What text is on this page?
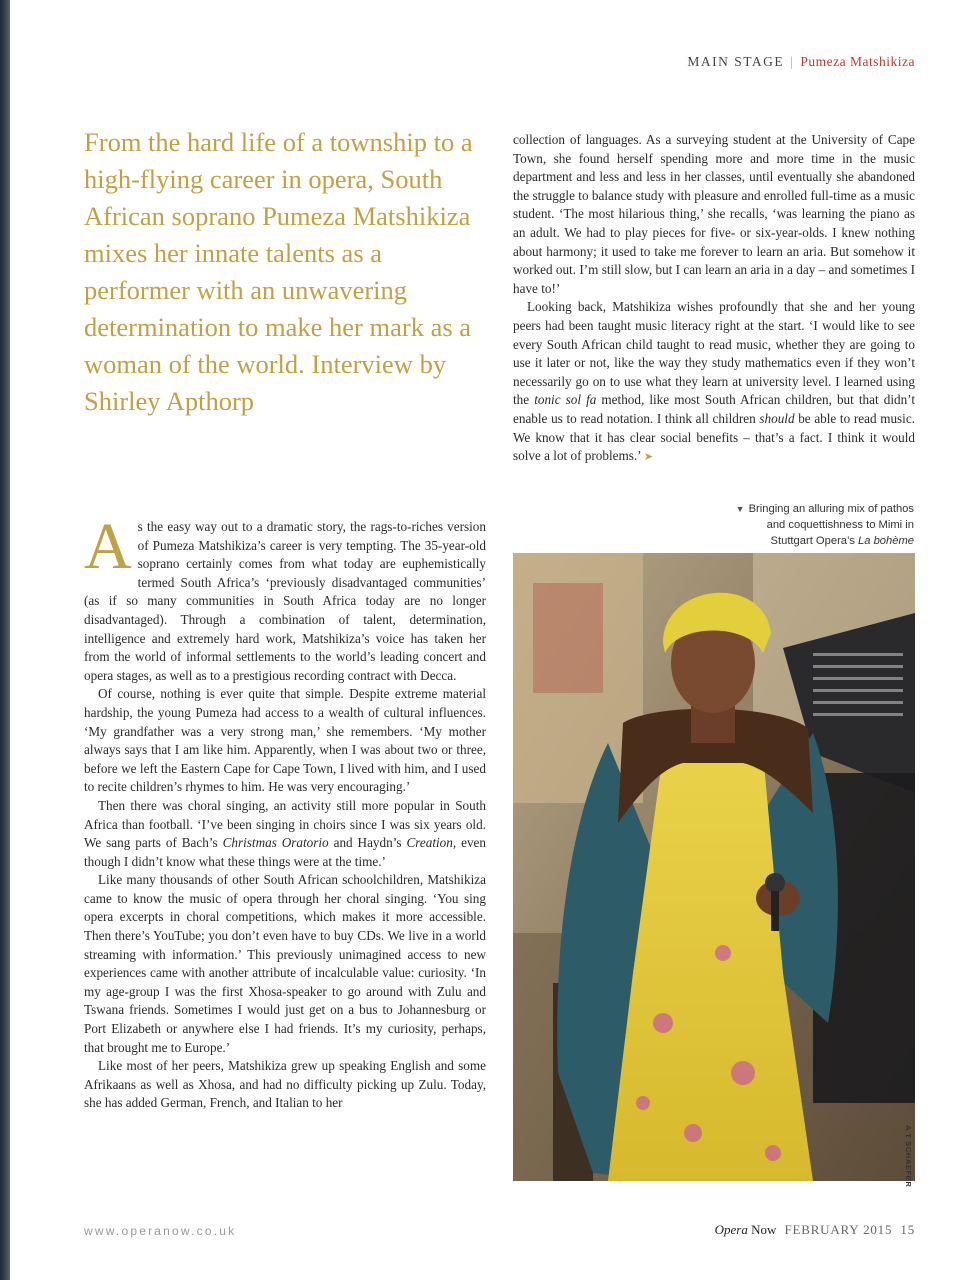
MAIN STAGE | Pumeza Matshikiza
From the hard life of a township to a high-flying career in opera, South African soprano Pumeza Matshikiza mixes her innate talents as a performer with an unwavering determination to make her mark as a woman of the world. Interview by Shirley Apthorp

collection of languages. As a surveying student at the University of Cape Town, she found herself spending more and more time in the music department and less and less in her classes, until eventually she abandoned the struggle to balance study with pleasure and enrolled full-time as a music student. ‘The most hilarious thing,’ she recalls, ‘was learning the piano as an adult. We had to play pieces for five- or six-year-olds. I knew nothing about harmony; it used to take me forever to learn an aria. But somehow it worked out. I’m still slow, but I can learn an aria in a day – and sometimes I have to!’

Looking back, Matshikiza wishes profoundly that she and her young peers had been taught music literacy right at the start. ‘I would like to see every South African child taught to read music, whether they are going to use it later or not, like the way they study mathematics even if they won’t necessarily go on to use what they learn at university level. I learned using the tonic sol fa method, like most South African children, but that didn’t enable us to read notation. I think all children should be able to read music. We know that it has clear social benefits – that’s a fact. I think it would solve a lot of problems.’ ➤

As the easy way out to a dramatic story, the rags-to-riches version of Pumeza Matshikiza’s career is very tempting. The 35-year-old soprano certainly comes from what today are euphemistically termed South Africa’s ‘previously disadvantaged communities’ (as if so many communities in South Africa today are no longer disadvantaged). Through a combination of talent, determination, intelligence and extremely hard work, Matshikiza’s voice has taken her from the world of informal settlements to the world’s leading concert and opera stages, as well as to a prestigious recording contract with Decca.

Of course, nothing is ever quite that simple. Despite extreme material hardship, the young Pumeza had access to a wealth of cultural influences. ‘My grandfather was a very strong man,’ she remembers. ‘My mother always says that I am like him. Apparently, when I was about two or three, before we left the Eastern Cape for Cape Town, I lived with him, and I used to recite children’s rhymes to him. He was very encouraging.’

Then there was choral singing, an activity still more popular in South Africa than football. ‘I’ve been singing in choirs since I was six years old. We sang parts of Bach’s Christmas Oratorio and Haydn’s Creation, even though I didn’t know what these things were at the time.’

Like many thousands of other South African schoolchildren, Matshikiza came to know the music of opera through her choral singing. ‘You sing opera excerpts in choral competitions, which makes it more accessible. Then there’s YouTube; you don’t even have to buy CDs. We live in a world streaming with information.’ This previously unimagined access to new experiences came with another attribute of incalculable value: curiosity. ‘In my age-group I was the first Xhosa-speaker to go around with Zulu and Tswana friends. Sometimes I would just get on a bus to Johannesburg or Port Elizabeth or anywhere else I had friends. It’s my curiosity, perhaps, that brought me to Europe.’

Like most of her peers, Matshikiza grew up speaking English and some Afrikaans as well as Xhosa, and had no difficulty picking up Zulu. Today, she has added German, French, and Italian to her

▼ Bringing an alluring mix of pathos
and coquettishness to Mimi in
Stuttgart Opera’s La bohème
A T SCHAEFER
www.operanow.co.uk	Opera Now FEBRUARY 2015 15
